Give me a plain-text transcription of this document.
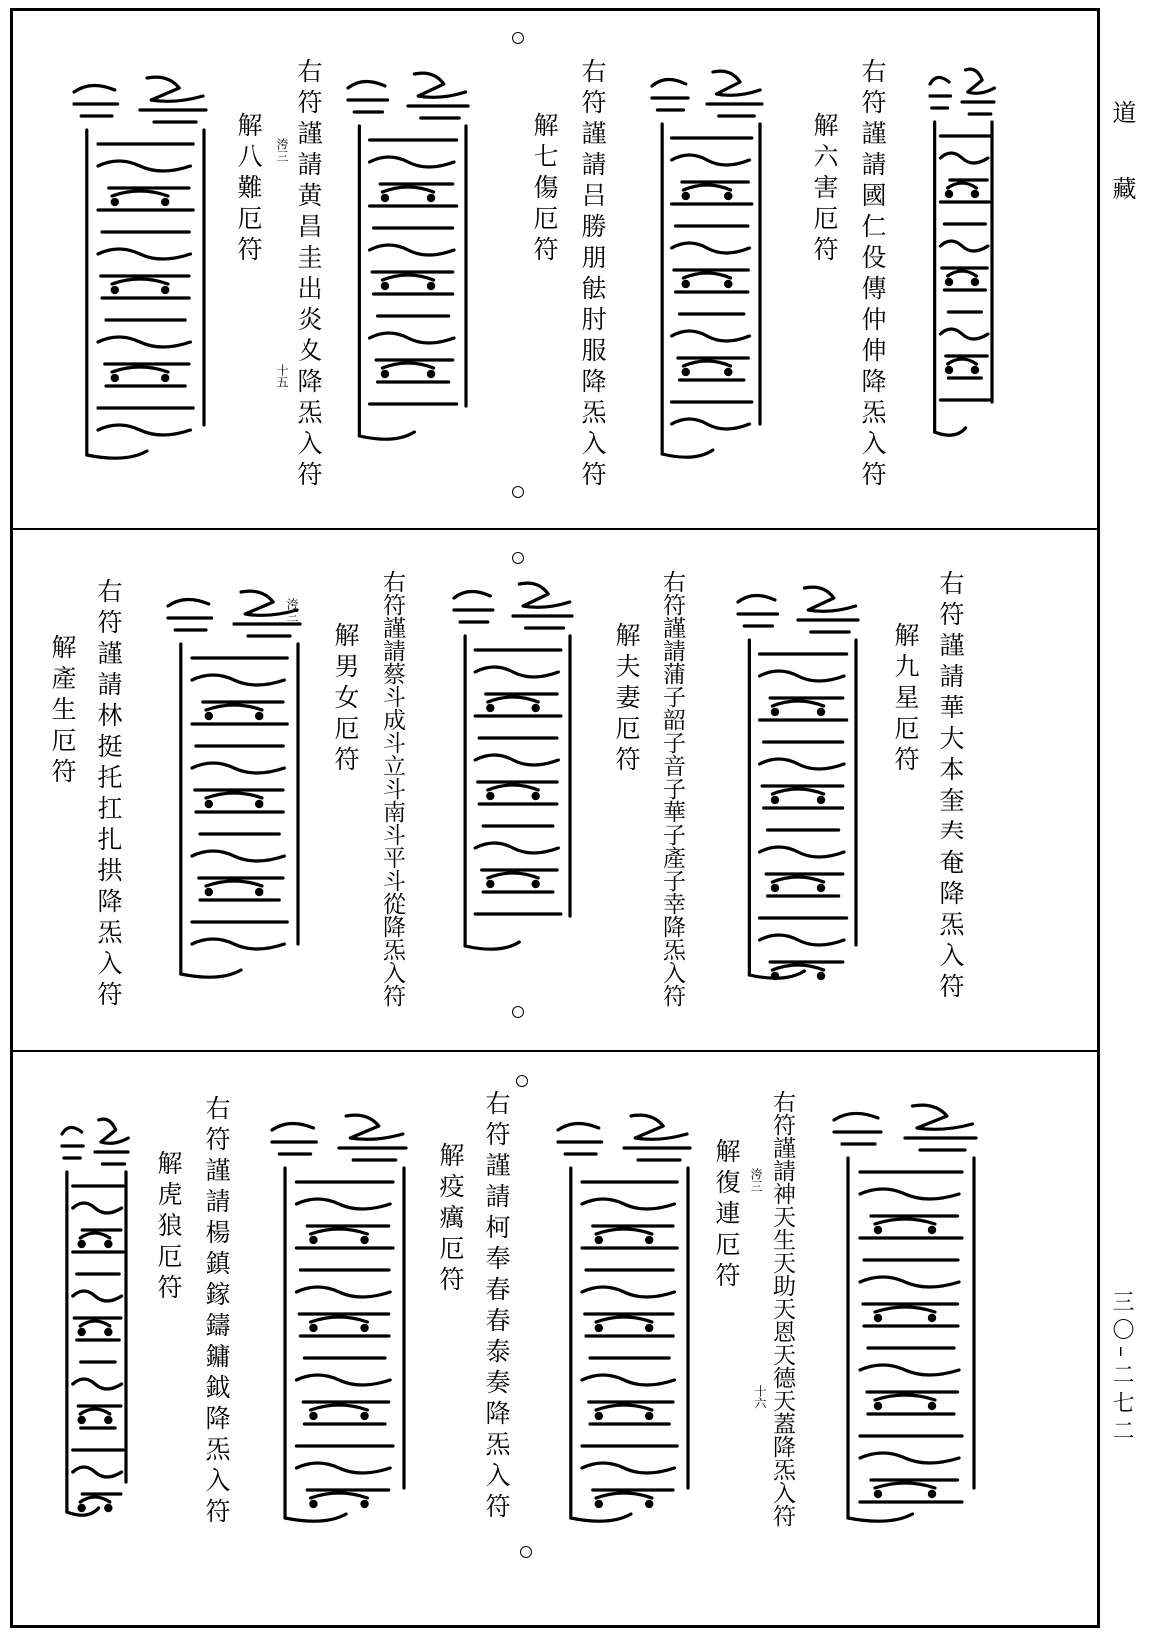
道　藏
三〇–二七二
右符謹請國仁伇傳仲伸降炁入符
解六害厄符
右符謹請吕勝朋䏻肘服降炁入符
解七傷厄符
右符謹請黄昌圭出炎夊降炁入符
解八難厄符 洿三
十五
右符謹請華大本奎𡗗奄降炁入符
解九星厄符
右符謹請蒲子韶子音子華子產子幸降炁入符
解夫妻厄符
右符謹請蔡斗成斗立斗南斗平斗從降炁入符
解男女厄符
右符謹請林挺托扛扎拱降炁入符
解產生厄符
洿三
右符謹請神天生天助天恩天德天蓋降炁入符
解復連厄符
右符謹請柯奉春春泰奏降炁入符
解疫癘厄符
右符謹請楊鎮鎵鑄鏞鉞降炁入符
解虎狼厄符	洿三
十六
